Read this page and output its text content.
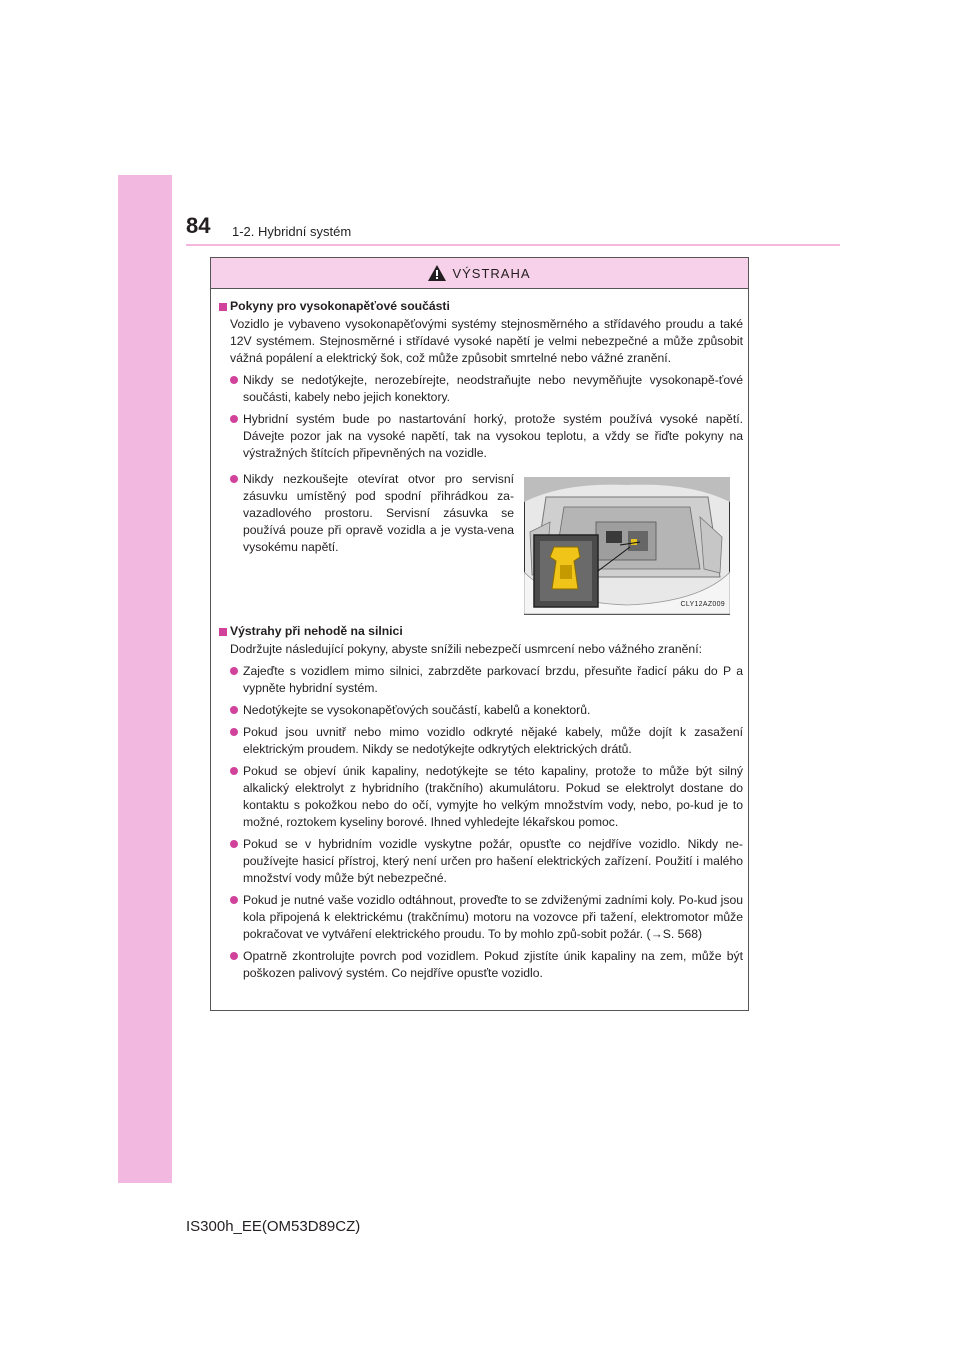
84 1-2. Hybridní systém
VÝSTRAHA
Pokyny pro vysokonapěťové součásti
Vozidlo je vybaveno vysokonapěťovými systémy stejnosměrného a střídavého proudu a také 12V systémem. Stejnosměrné i střídavé vysoké napětí je velmi nebezpečné a může způsobit vážná popálení a elektrický šok, což může způsobit smrtelné nebo vážné zranění.
Nikdy se nedotýkejte, nerozebírejte, neodstraňujte nebo nevyměňujte vysokonapě-ťové součásti, kabely nebo jejich konektory.
Hybridní systém bude po nastartování horký, protože systém používá vysoké napětí. Dávejte pozor jak na vysoké napětí, tak na vysokou teplotu, a vždy se řiďte pokyny na výstražných štítcích připevněných na vozidle.
Nikdy nezkoušejte otevírat otvor pro servisní zásuvku umístěný pod spodní přihrádkou za-vazadlového prostoru. Servisní zásuvka se používá pouze při opravě vozidla a je vysta-vena vysokému napětí.
CLY12AZ009
Výstrahy při nehodě na silnici
Dodržujte následující pokyny, abyste snížili nebezpečí usmrcení nebo vážného zranění:
Zajeďte s vozidlem mimo silnici, zabrzděte parkovací brzdu, přesuňte řadicí páku do P a vypněte hybridní systém.
Nedotýkejte se vysokonapěťových součástí, kabelů a konektorů.
Pokud jsou uvnitř nebo mimo vozidlo odkryté nějaké kabely, může dojít k zasažení elektrickým proudem. Nikdy se nedotýkejte odkrytých elektrických drátů.
Pokud se objeví únik kapaliny, nedotýkejte se této kapaliny, protože to může být silný alkalický elektrolyt z hybridního (trakčního) akumulátoru. Pokud se elektrolyt dostane do kontaktu s pokožkou nebo do očí, vymyjte ho velkým množstvím vody, nebo, po-kud je to možné, roztokem kyseliny borové. Ihned vyhledejte lékařskou pomoc.
Pokud se v hybridním vozidle vyskytne požár, opusťte co nejdříve vozidlo. Nikdy ne-používejte hasicí přístroj, který není určen pro hašení elektrických zařízení. Použití i malého množství vody může být nebezpečné.
Pokud je nutné vaše vozidlo odtáhnout, proveďte to se zdviženými zadními koly. Po-kud jsou kola připojená k elektrickému (trakčnímu) motoru na vozovce při tažení, elektromotor může pokračovat ve vytváření elektrického proudu. To by mohlo způ-sobit požár. (→S. 568)
Opatrně zkontrolujte povrch pod vozidlem. Pokud zjistíte únik kapaliny na zem, může být poškozen palivový systém. Co nejdříve opusťte vozidlo.
IS300h_EE(OM53D89CZ)
